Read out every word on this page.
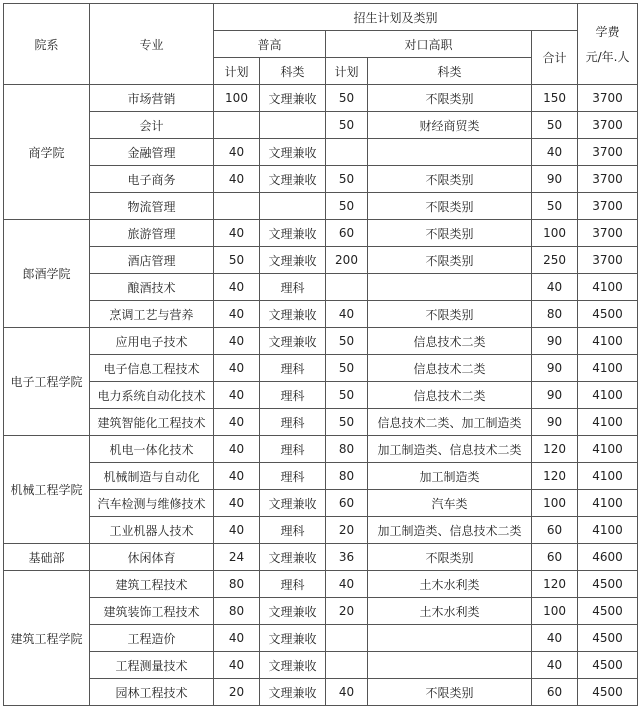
院系	专业	招生计划及类别					学费
元/年.人

		普高		对口高职		合计	
		计划	科类	计划	科类		
商学院	市场营销	100	文理兼收	50	不限类别	150	3700
	会计			50	财经商贸类	50	3700
	金融管理	40	文理兼收			40	3700
	电子商务	40	文理兼收	50	不限类别	90	3700
	物流管理			50	不限类别	50	3700
郎酒学院	旅游管理	40	文理兼收	60	不限类别	100	3700
	酒店管理	50	文理兼收	200	不限类别	250	3700
	酿酒技术	40	理科			40	4100
	烹调工艺与营养	40	文理兼收	40	不限类别	80	4500
电子工程学院	应用电子技术	40	文理兼收	50	信息技术二类	90	4100
	电子信息工程技术	40	理科	50	信息技术二类	90	4100
	电力系统自动化技术	40	理科	50	信息技术二类	90	4100
	建筑智能化工程技术	40	理科	50	信息技术二类、加工制造类	90	4100
机械工程学院	机电一体化技术	40	理科	80	加工制造类、信息技术二类	120	4100
	机械制造与自动化	40	理科	80	加工制造类	120	4100
	汽车检测与维修技术	40	文理兼收	60	汽车类	100	4100
	工业机器人技术	40	理科	20	加工制造类、信息技术二类	60	4100
基础部	休闲体育	24	文理兼收	36	不限类别	60	4600
建筑工程学院	建筑工程技术	80	理科	40	土木水利类	120	4500
	建筑装饰工程技术	80	文理兼收	20	土木水利类	100	4500
	工程造价	40	文理兼收			40	4500
	工程测量技术	40	文理兼收			40	4500
	园林工程技术	20	文理兼收	40	不限类别	60	4500
